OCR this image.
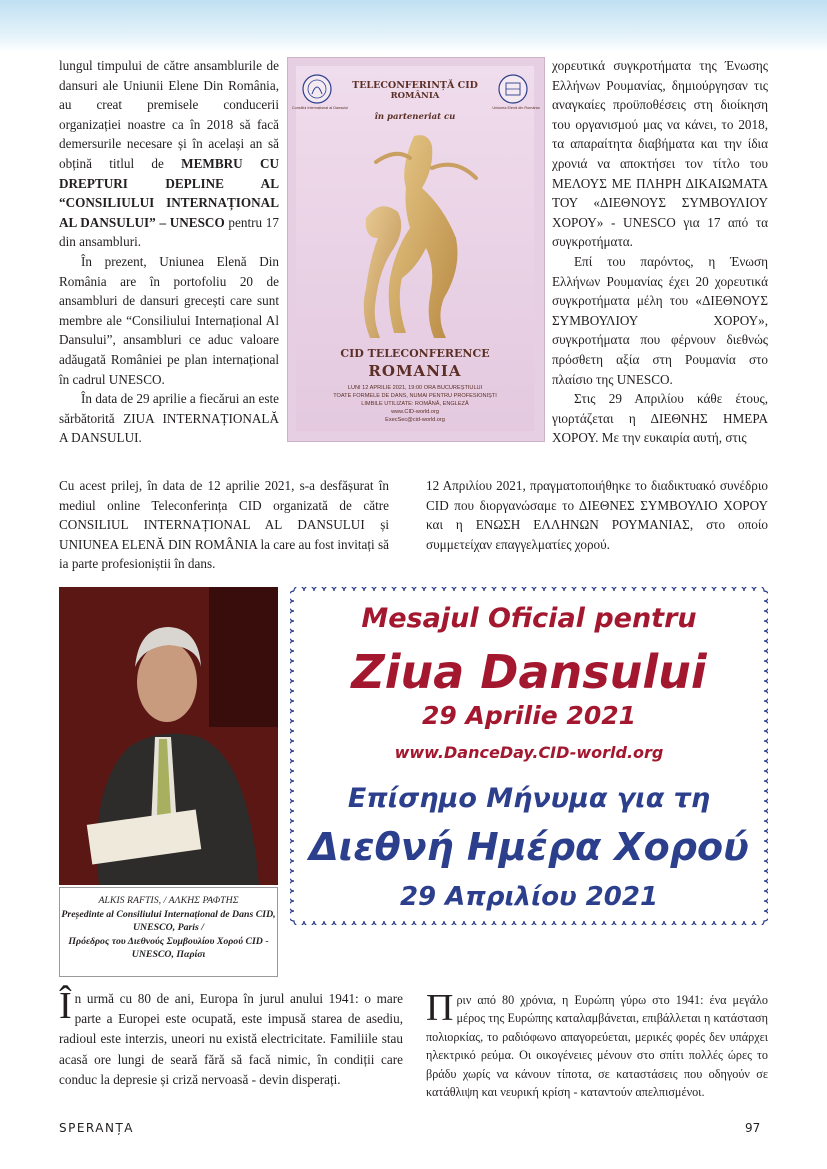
lungul timpului de către ansamblurile de dansuri ale Uniunii Elene Din România, au creat premisele conducerii organizației noastre ca în 2018 să facă demersurile necesare și în același an să obțină titlul de MEMBRU CU DREPTURI DEPLINE AL “CONSILIULUI INTERNAȚIONAL AL DANSULUI” – UNESCO pentru 17 din ansambluri.

În prezent, Uniunea Elenă Din România are în portofoliu 20 de ansambluri de dansuri grecești care sunt membre ale “Consiliului Internațional Al Dansului”, ansambluri ce aduc valoare adăugată României pe plan internațional în cadrul UNESCO.

În data de 29 aprilie a fiecărui an este sărbătorită ZIUA INTERNAȚIONALĂ A DANSULUI.

Cu acest prilej, în data de 12 aprilie 2021, s-a desfășurat în mediul online Teleconferința CID organizată de către CONSILIUL INTERNAȚIONAL AL DANSULUI și UNIUNEA ELENĂ DIN ROMÂNIA la care au fost invitați să ia parte profesioniștii în dans.

Consiliul Internațional al Dansului	Uniunea Elenă din România
TELECONFERINȚĂ CID
ROMÂNIA
în parteneriat cu
CID TELECONFERENCE
ROMANIA
LUNI 12 APRILIE 2021, 19:00 ORA BUCUREȘTIULUI
TOATE FORMELE DE DANS, NUMAI PENTRU PROFESIONIȘTI
LIMBILE UTILIZATE: ROMÂNĂ, ENGLEZĂ
www.CID-world.org
ExecSec@cid-world.org

χορευτικά συγκροτήματα της Ένωσης Ελλήνων Ρουμανίας, δημιούργησαν τις αναγκαίες προϋποθέσεις στη διοίκηση του οργανισμού μας να κάνει, το 2018, τα απαραίτητα διαβήματα και την ίδια χρονιά να αποκτήσει τον τίτλο του ΜΕΛΟΥΣ ΜΕ ΠΛΗΡΗ ΔΙΚΑΙΩΜΑΤΑ ΤΟΥ «ΔΙΕΘΝΟΥΣ ΣΥΜΒΟΥΛΙΟΥ ΧΟΡΟΥ» - UNESCO για 17 από τα συγκροτήματα.

Επί του παρόντος, η Ένωση Ελλήνων Ρουμανίας έχει 20 χορευτικά συγκροτήματα μέλη του «ΔΙΕΘΝΟΥΣ ΣΥΜΒΟΥΛΙΟΥ ΧΟΡΟΥ», συγκροτήματα που φέρνουν διεθνώς πρόσθετη αξία στη Ρουμανία στο πλαίσιο της UNESCO.

Στις 29 Απριλίου κάθε έτους, γιορτάζεται η ΔΙΕΘΝΗΣ ΗΜΕΡΑ ΧΟΡΟΥ. Με την ευκαιρία αυτή, στις

12 Απριλίου 2021, πραγματοποιήθηκε το διαδικτυακό συνέδριο CID που διοργανώσαμε το ΔΙΕΘΝΕΣ ΣΥΜΒΟΥΛΙΟ ΧΟΡΟΥ και η ΕΝΩΣΗ ΕΛΛΗΝΩΝ ΡΟΥΜΑΝΙΑΣ, στο οποίο συμμετείχαν επαγγελματίες χορού.

ALKIS RAFTIS, / ΑΛΚΗΣ ΡΑΦΤΗΣ
Președinte al Consiliului Internațional de Dans CID, UNESCO, Paris /
Πρόεδρος του Διεθνούς Συμβουλίου Χορού CID - UNESCO, Παρίσι
Mesajul Oficial pentru
Ziua Dansului
29 Aprilie 2021
www.DanceDay.CID-world.org
Επίσημο Μήνυμα για τη
Διεθνή Ημέρα Χορού
29 Απριλίου 2021
În urmă cu 80 de ani, Europa în jurul anului 1941: o mare parte a Europei este ocupată, este impusă starea de asediu, radioul este interzis, uneori nu există electricitate. Familiile stau acasă ore lungi de seară fără să facă nimic, în condiții care conduc la depresie și criză nervoasă - devin disperați.
Πριν από 80 χρόνια, η Ευρώπη γύρω στο 1941: ένα μεγάλο μέρος της Ευρώπης καταλαμβάνεται, επιβάλλεται η κατάσταση πολιορκίας, το ραδιόφωνο απαγορεύεται, μερικές φορές δεν υπάρχει ηλεκτρικό ρεύμα. Οι οικογένειες μένουν στο σπίτι πολλές ώρες το βράδυ χωρίς να κάνουν τίποτα, σε καταστάσεις που οδηγούν σε κατάθλιψη και νευρική κρίση - καταντούν απελπισμένοι.
SPERANȚA	97
